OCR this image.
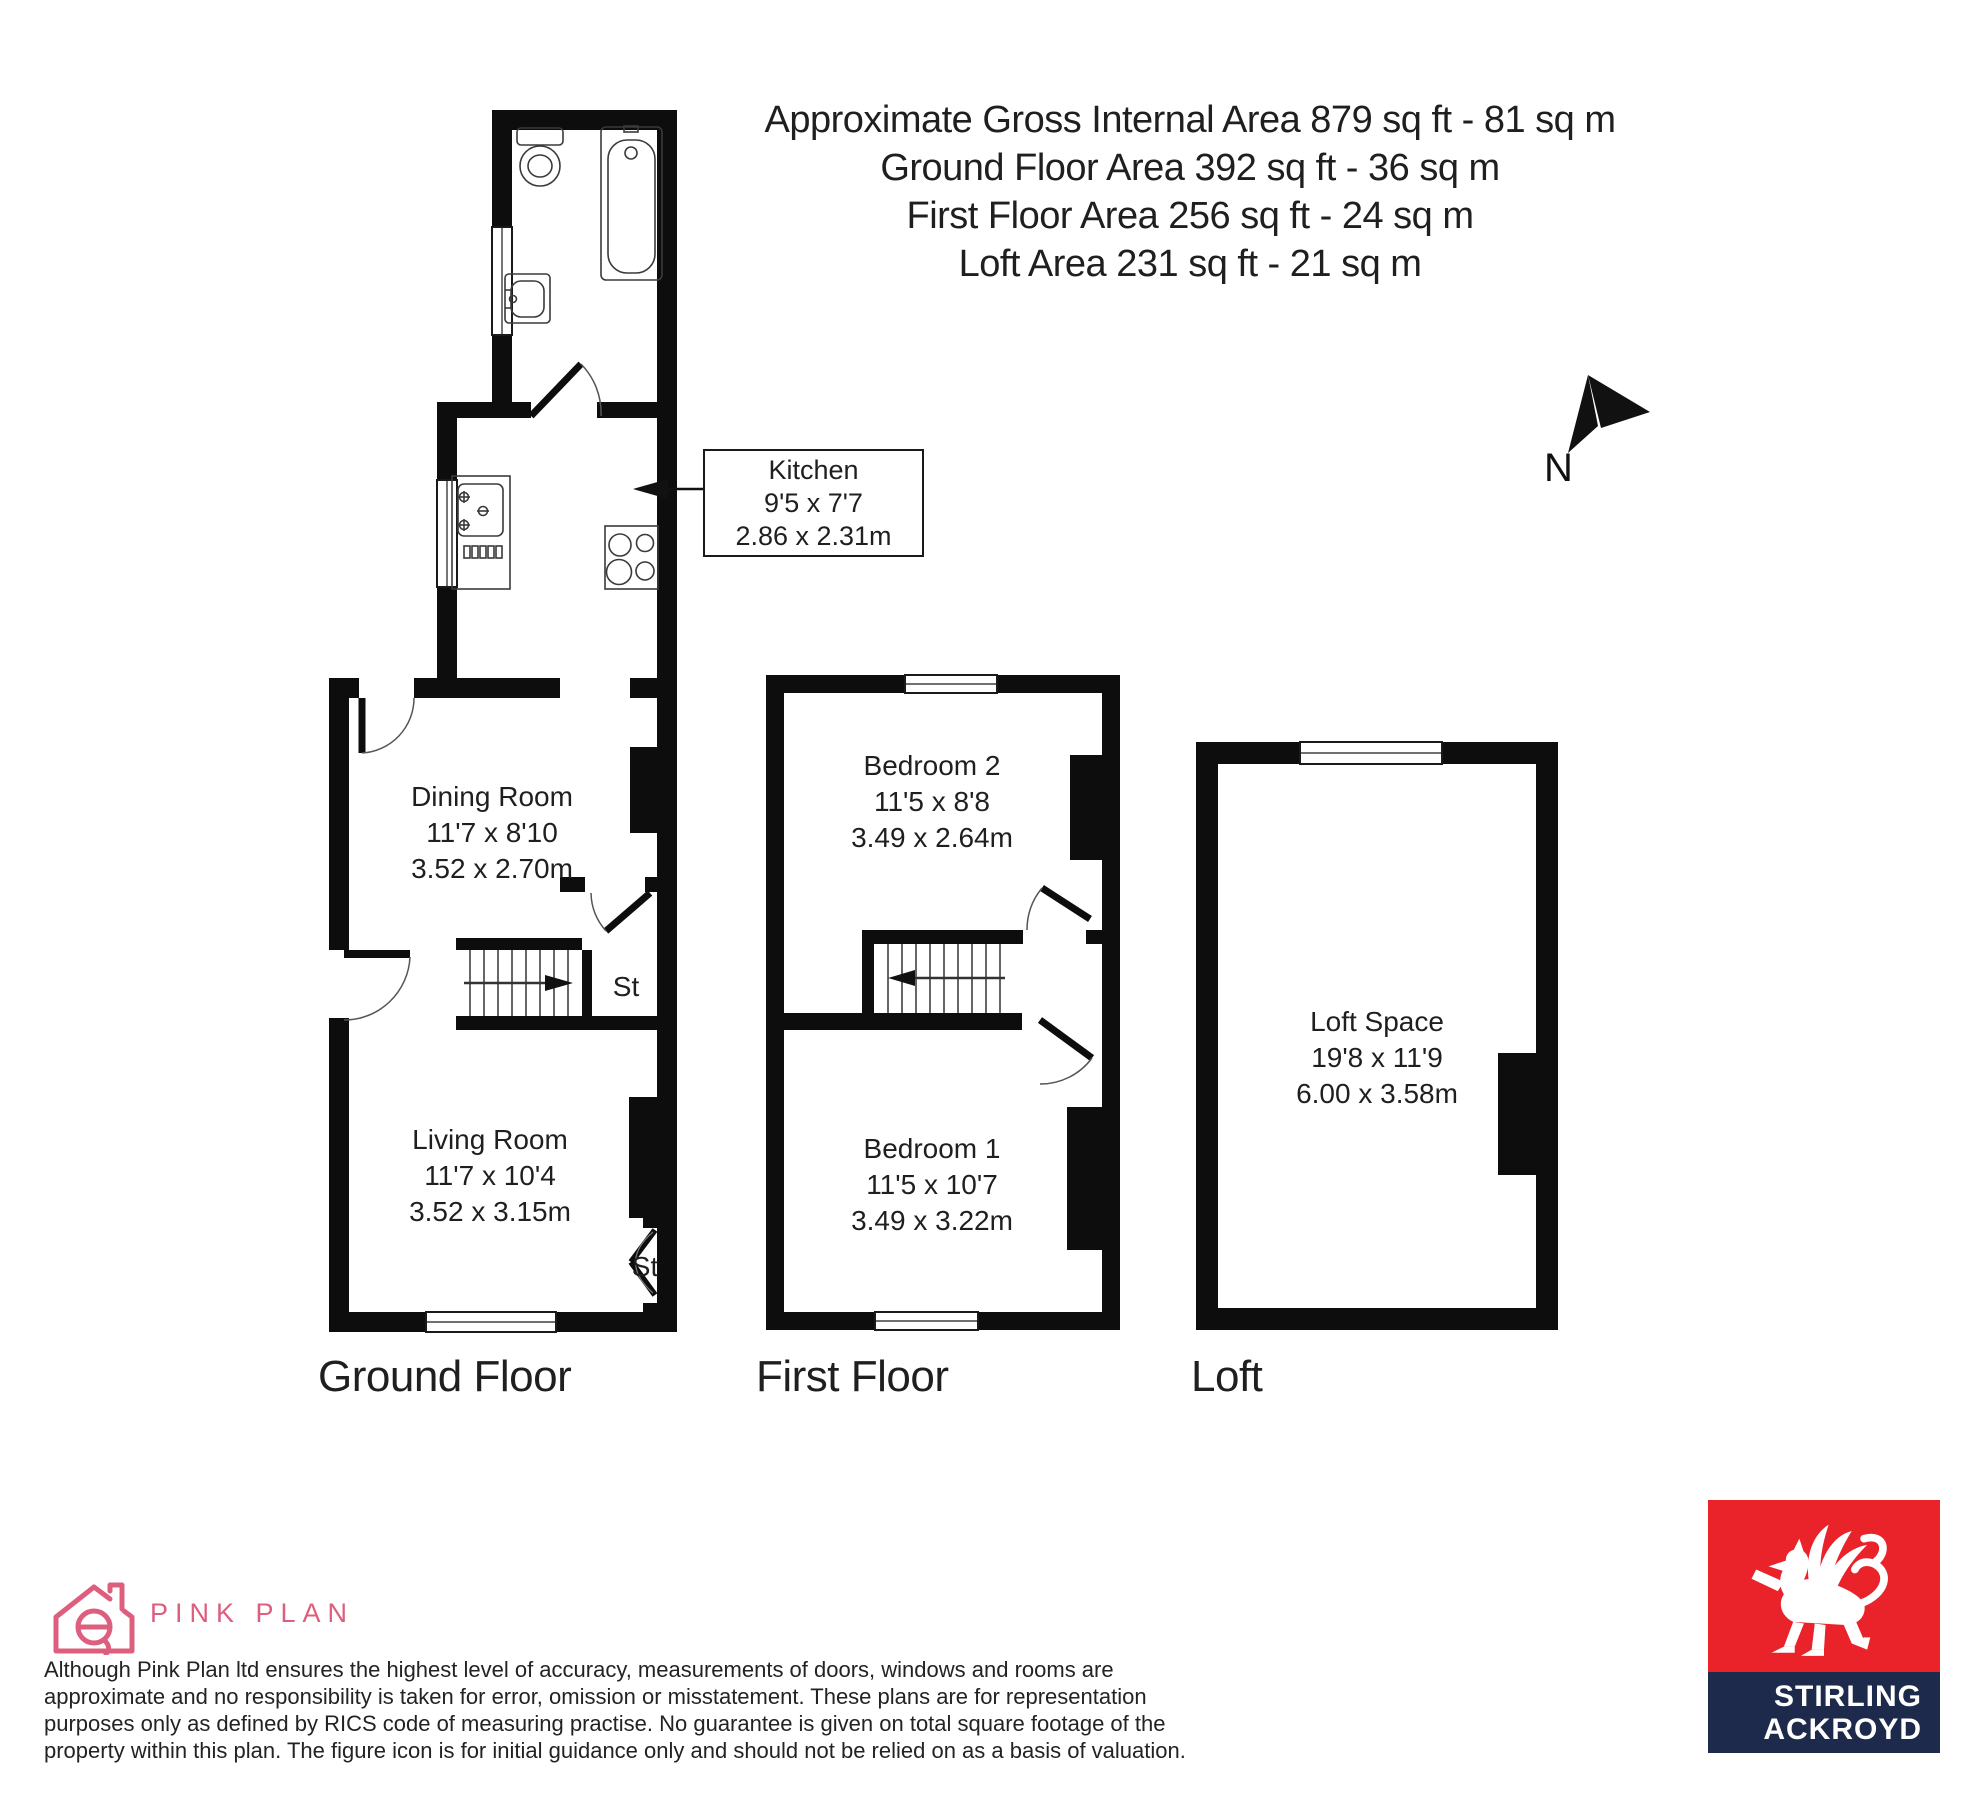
Approximate Gross Internal Area 879 sq ft - 81 sq m
Ground Floor Area 392 sq ft - 36 sq m
First Floor Area 256 sq ft - 24 sq m
Loft Area 231 sq ft - 21 sq m
Dining Room
11'7 x 8'10
3.52 x 2.70m
Living Room
11'7 x 10'4
3.52 x 3.15m
St
St
Bedroom 2
11'5 x 8'8
3.49 x 2.64m
Bedroom 1
11'5 x 10'7
3.49 x 3.22m
Loft Space
19'8 x 11'9
6.00 x 3.58m
N
Kitchen
9'5 x 7'7
2.86 x 2.31m
Ground Floor	First Floor	Loft
PINK PLAN
Although Pink Plan ltd ensures the highest level of accuracy, measurements of doors, windows and rooms are
approximate and no responsibility is taken for error, omission or misstatement. These plans are for representation
purposes only as defined by RICS code of measuring practise. No guarantee is given on total square footage of the
property within this plan. The figure icon is for initial guidance only and should not be relied on as a basis of valuation.
STIRLING
ACKROYD
